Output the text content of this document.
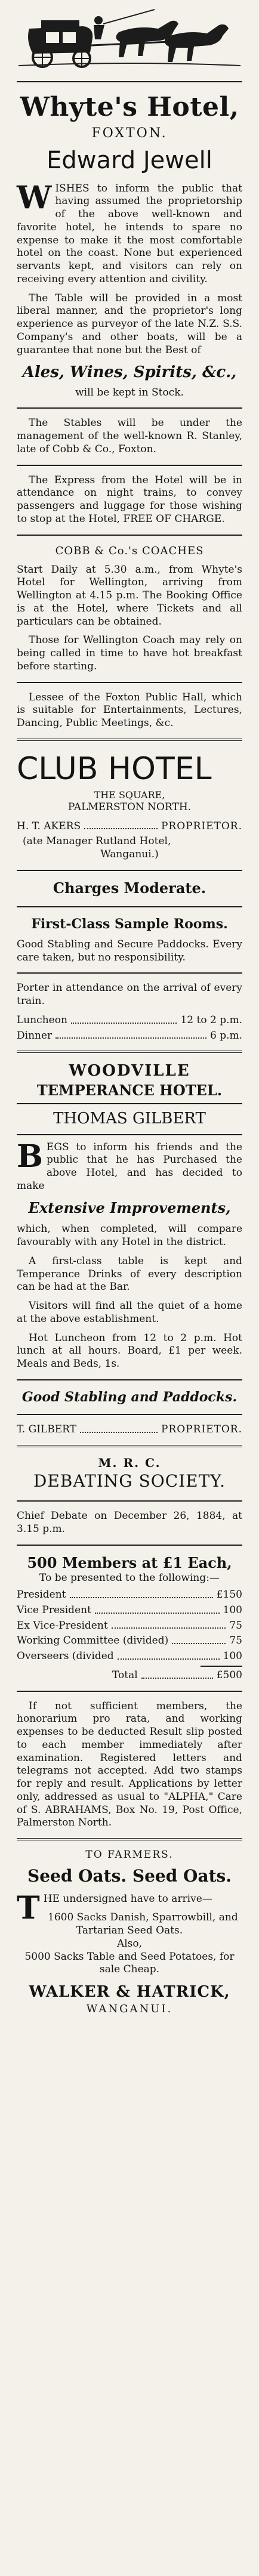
Whyte's Hotel,
FOXTON.
Edward Jewell

WISHES to inform the public that having assumed the proprietorship of the above well-known and favorite hotel, he intends to spare no expense to make it the most comfortable hotel on the coast. None but experienced servants kept, and visitors can rely on receiving every attention and civility.

The Table will be provided in a most liberal manner, and the proprietor's long experience as purveyor of the late N.Z. S.S. Company's and other boats, will be a guarantee that none but the Best of

Ales, Wines, Spirits, &c.,
will be kept in Stock.

The Stables will be under the management of the well-known R. Stanley, late of Cobb & Co., Foxton.

The Express from the Hotel will be in attendance on night trains, to convey passengers and luggage for those wishing to stop at the Hotel, FREE OF CHARGE.

COBB & Co.'s COACHES

Start Daily at 5.30 a.m., from Whyte's Hotel for Wellington, arriving from Wellington at 4.15 p.m. The Booking Office is at the Hotel, where Tickets and all particulars can be obtained.

Those for Wellington Coach may rely on being called in time to have hot breakfast before starting.

Lessee of the Foxton Public Hall, which is suitable for Entertainments, Lectures, Dancing, Public Meetings, &c.

CLUB HOTEL
THE SQUARE,
PALMERSTON NORTH.
H. T. AKERS	PROPRIETOR.
(ate Manager Rutland Hotel,
Wanganui.)
Charges Moderate.
First-Class Sample Rooms.

Good Stabling and Secure Paddocks. Every care taken, but no responsibility.

Porter in attendance on the arrival of every train.

Luncheon	12 to 2 p.m.
Dinner	6 p.m.
WOODVILLE
TEMPERANCE HOTEL.
THOMAS GILBERT

BEGS to inform his friends and the public that he has Purchased the above Hotel, and has decided to make

Extensive Improvements,

which, when completed, will compare favourably with any Hotel in the district.

A first-class table is kept and Temperance Drinks of every description can be had at the Bar.

Visitors will find all the quiet of a home at the above establishment.

Hot Luncheon from 12 to 2 p.m. Hot lunch at all hours. Board, £1 per week. Meals and Beds, 1s.

Good Stabling and Paddocks.
T. GILBERT	PROPRIETOR.
M. R. C.
DEBATING SOCIETY.

Chief Debate on December 26, 1884, at 3.15 p.m.

500 Members at £1 Each,
To be presented to the following:—
President	£150
Vice President	100
Ex Vice-President	75
Working Committee (divided)	75
Overseers (divided	100
Total	£500

If not sufficient members, the honorarium pro rata, and working expenses to be deducted Result slip posted to each member immediately after examination. Registered letters and telegrams not accepted. Add two stamps for reply and result. Applications by letter only, addressed as usual to "ALPHA," Care of S. ABRAHAMS, Box No. 19, Post Office, Palmerston North.

TO FARMERS.
Seed Oats. Seed Oats.

THE undersigned have to arrive—

1600 Sacks Danish, Sparrowbill, and Tartarian Seed Oats.
Also,
5000 Sacks Table and Seed Potatoes, for sale Cheap.
WALKER & HATRICK,
WANGANUI.
